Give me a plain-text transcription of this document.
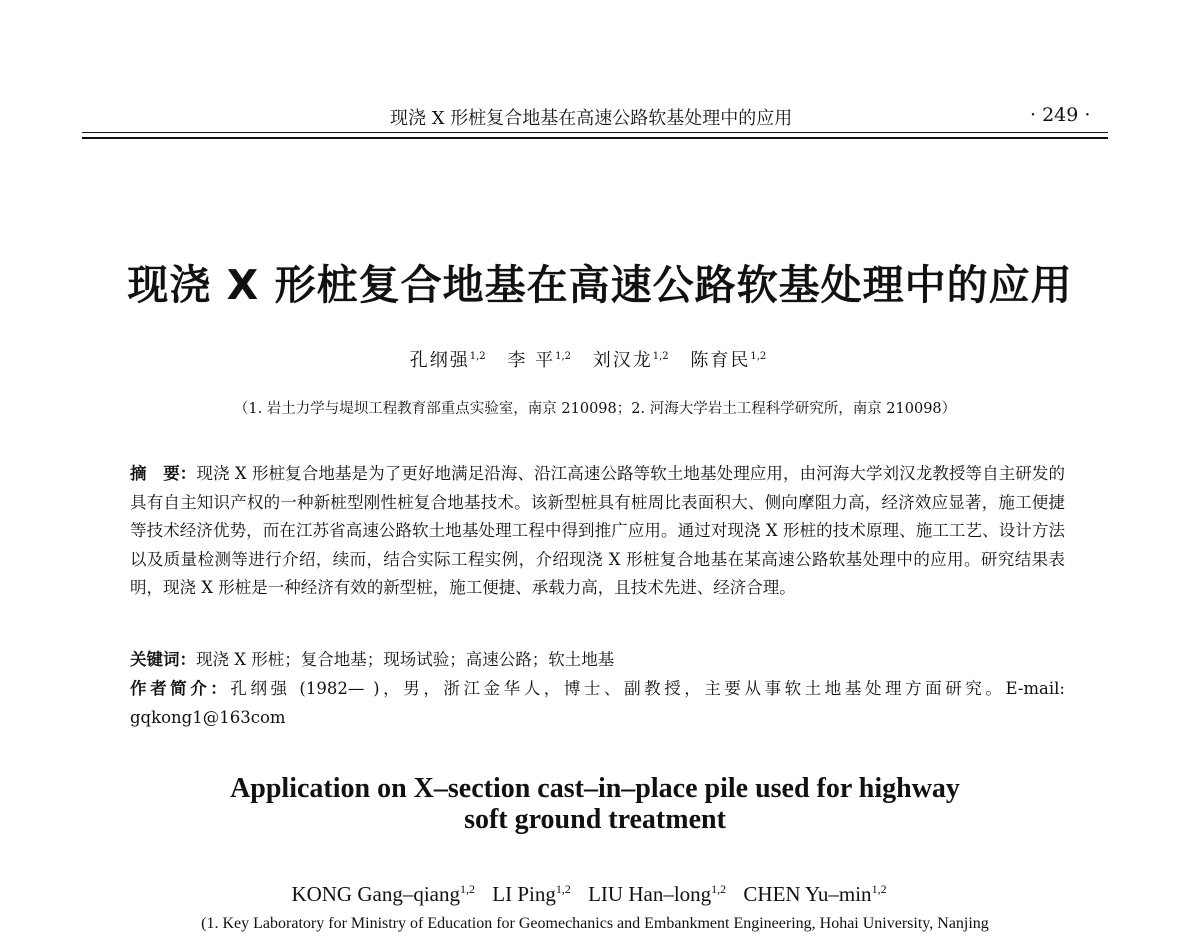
现浇 X 形桩复合地基在高速公路软基处理中的应用	· 249 ·
现浇 X 形桩复合地基在高速公路软基处理中的应用
孔纲强$^{1,2}$ 李 平$^{1,2}$ 刘汉龙$^{1,2}$ 陈育民$^{1,2}$
（1. 岩土力学与堤坝工程教育部重点实验室，南京 210098；2. 河海大学岩土工程科学研究所，南京 210098）
摘　要：现浇 X 形桩复合地基是为了更好地满足沿海、沿江高速公路等软土地基处理应用，由河海大学刘汉龙教授等自主研发的具有自主知识产权的一种新桩型刚性桩复合地基技术。该新型桩具有桩周比表面积大、侧向摩阻力高，经济效应显著，施工便捷等技术经济优势，而在江苏省高速公路软土地基处理工程中得到推广应用。通过对现浇 X 形桩的技术原理、施工工艺、设计方法以及质量检测等进行介绍，续而，结合实际工程实例，介绍现浇 X 形桩复合地基在某高速公路软基处理中的应用。研究结果表明，现浇 X 形桩是一种经济有效的新型桩，施工便捷、承载力高，且技术先进、经济合理。
关键词：现浇 X 形桩；复合地基；现场试验；高速公路；软土地基
作者简介：孔纲强 (1982— )，男，浙江金华人，博士、副教授，主要从事软土地基处理方面研究。E-mail: gqkong1@163com
Application on X–section cast–in–place pile used for highway
soft ground treatment
KONG Gang–qiang$^{1,2}$ LI Ping$^{1,2}$ LIU Han–long$^{1,2}$ CHEN $Yu-\min^{1,2}$
(1. Key Laboratory for Ministry of Education for Geomechanics and Embankment Engineering, Hohai University, Nanjing
